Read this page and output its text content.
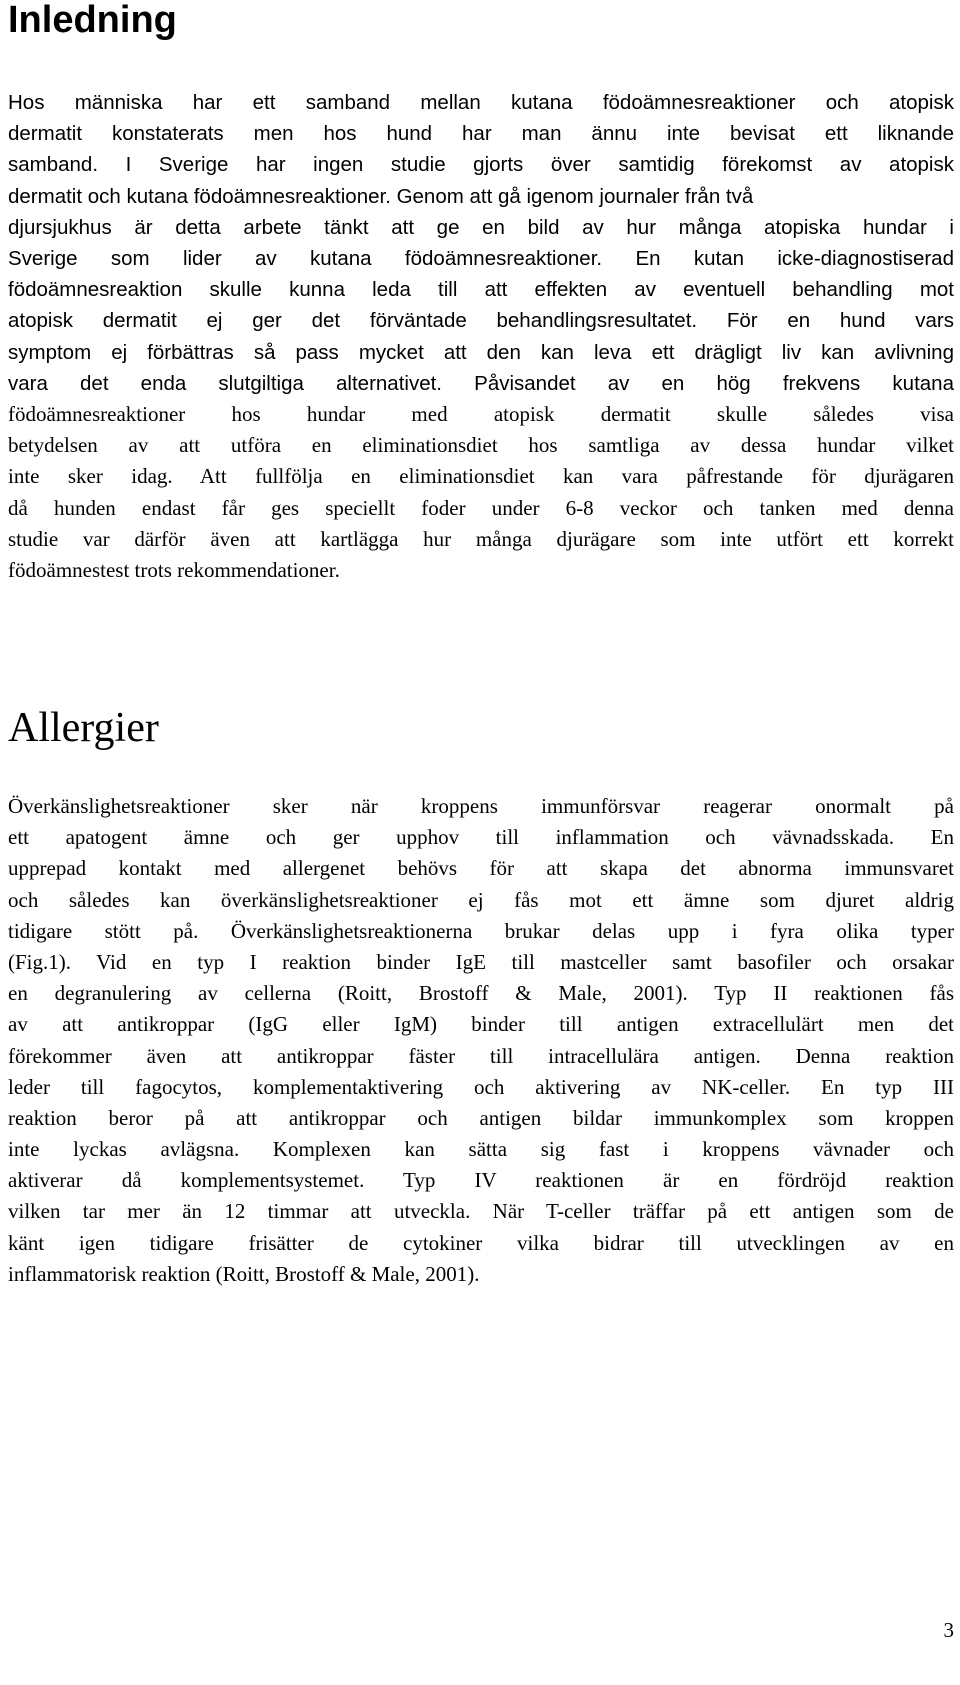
Inledning
Hos människa har ett samband mellan kutana födoämnesreaktioner och atopisk
dermatit konstaterats men hos hund har man ännu inte bevisat ett liknande
samband. I Sverige har ingen studie gjorts över samtidig förekomst av atopisk
dermatit och kutana födoämnesreaktioner. Genom att gå igenom journaler från två
djursjukhus är detta arbete tänkt att ge en bild av hur många atopiska hundar i
Sverige som lider av kutana födoämnesreaktioner. En kutan icke-diagnostiserad
födoämnesreaktion skulle kunna leda till att effekten av eventuell behandling mot
atopisk dermatit ej ger det förväntade behandlingsresultatet. För en hund vars
symptom ej förbättras så pass mycket att den kan leva ett drägligt liv kan avlivning
vara det enda slutgiltiga alternativet. Påvisandet av en hög frekvens kutana
födoämnesreaktioner hos hundar med atopisk dermatit skulle således visa
betydelsen av att utföra en eliminationsdiet hos samtliga av dessa hundar vilket
inte sker idag. Att fullfölja en eliminationsdiet kan vara påfrestande för djurägaren
då hunden endast får ges speciellt foder under 6-8 veckor och tanken med denna
studie var därför även att kartlägga hur många djurägare som inte utfört ett korrekt
födoämnestest trots rekommendationer.
Allergier
Överkänslighetsreaktioner sker när kroppens immunförsvar reagerar onormalt på
ett apatogent ämne och ger upphov till inflammation och vävnadsskada. En
upprepad kontakt med allergenet behövs för att skapa det abnorma immunsvaret
och således kan överkänslighetsreaktioner ej fås mot ett ämne som djuret aldrig
tidigare stött på. Överkänslighetsreaktionerna brukar delas upp i fyra olika typer
(Fig.1). Vid en typ I reaktion binder IgE till mastceller samt basofiler och orsakar
en degranulering av cellerna (Roitt, Brostoff & Male, 2001). Typ II reaktionen fås
av att antikroppar (IgG eller IgM) binder till antigen extracellulärt men det
förekommer även att antikroppar fäster till intracellulära antigen. Denna reaktion
leder till fagocytos, komplementaktivering och aktivering av NK-celler. En typ III
reaktion beror på att antikroppar och antigen bildar immunkomplex som kroppen
inte lyckas avlägsna. Komplexen kan sätta sig fast i kroppens vävnader och
aktiverar då komplementsystemet. Typ IV reaktionen är en fördröjd reaktion
vilken tar mer än 12 timmar att utveckla. När T-celler träffar på ett antigen som de
känt igen tidigare frisätter de cytokiner vilka bidrar till utvecklingen av en
inflammatorisk reaktion (Roitt, Brostoff & Male, 2001).
3
